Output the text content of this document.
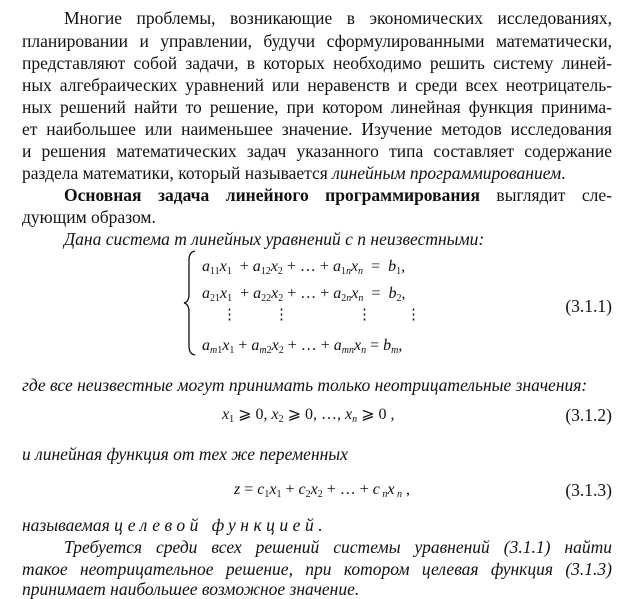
Многие проблемы, возникающие в экономических исследованиях,
планировании и управлении, будучи сформулированными математически,
представляют собой задачи, в которых необходимо решить систему линей-
ных алгебраических уравнений или неравенств и среди всех неотрицатель-
ных решений найти то решение, при котором линейная функция принима-
ет наибольшее или наименьшее значение. Изучение методов исследования
и решения математических задач указанного типа составляет содержание
раздела математики, который называется линейным программированием.
Основная задача линейного программирования выглядит сле-
дующим образом.
Дана система m линейных уравнений с n неизвестными:
$a_{11}x_1 + a_{12}x_2$ + … + $a_{1n}x_n = b_1$,
$a_{21}x_1 + a_{22}x_2$ + … + $a_{2n}x_n = b_2$,
⋮ ⋮	⋮ ⋮
$a_{m1}x_1 + a_{m2}x_2$ + … + $a_{mn}x_n = b_m$,
(3.1.1)
где все неизвестные могут принимать только неотрицательные значения:
$x_1$ ⩾ 0, $x_2$ ⩾ 0, …, $x_n$ ⩾ 0 ,	(3.1.2)
и линейная функция от тех же переменных
$z = c_1x_1 + c_2x_2$ + … + c $_n$x $_n$ ,	(3.1.3)
называемая целевой функцией.
Требуется среди всех решений системы уравнений (3.1.1) найти
такое неотрицательное решение, при котором целевая функция (3.1.3)
принимает наибольшее возможное значение.
